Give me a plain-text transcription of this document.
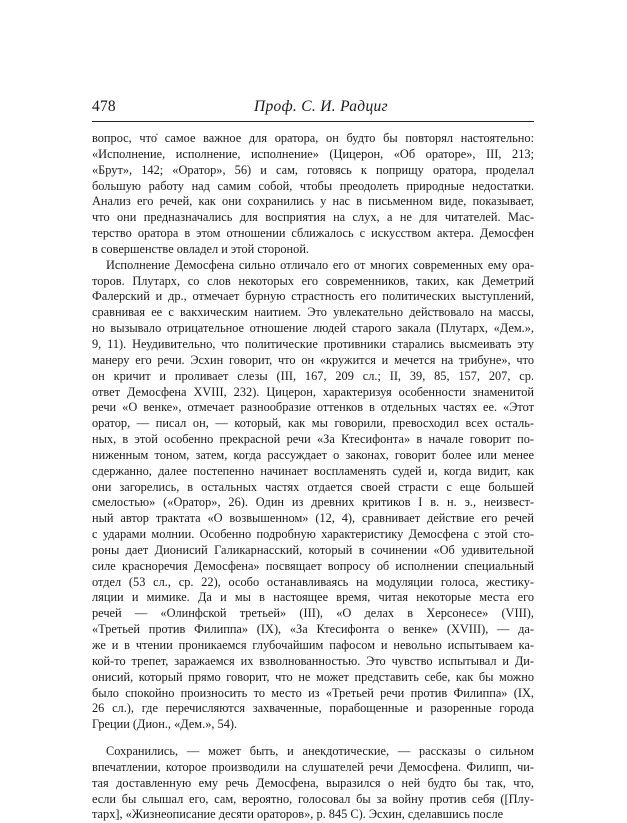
478	Проф. С. И. Радциг
вопрос, что̇ самое важное для оратора, он будто бы повторял настоятельно:
«Исполнение, исполнение, исполнение» (Цицерон, «Об ораторе», III, 213;
«Брут», 142; «Оратор», 56) и сам, готовясь к поприщу оратора, проделал
большую работу над самим собой, чтобы преодолеть природные недостатки.
Анализ его речей, как они сохранились у нас в письменном виде, показывает,
что они предназначались для восприятия на слух, а не для читателей. Мас-
терство оратора в этом отношении сближалось с искусством актера. Демосфен
в совершенстве овладел и этой стороной.
Исполнение Демосфена сильно отличало его от многих современных ему ора-
торов. Плутарх, со слов некоторых его современников, таких, как Деметрий
Фалерский и др., отмечает бурную страстность его политических выступлений,
сравнивая ее с вакхическим наитием. Это увлекательно действовало на массы,
но вызывало отрицательное отношение людей старого закала (Плутарх, «Дем.»,
9, 11). Неудивительно, что политические противники старались высмеивать эту
манеру его речи. Эсхин говорит, что он «кружится и мечется на трибуне», что
он кричит и проливает слезы (III, 167, 209 сл.; II, 39, 85, 157, 207, ср.
ответ Демосфена XVIII, 232). Цицерон, характеризуя особенности знаменитой
речи «О венке», отмечает разнообразие оттенков в отдельных частях ее. «Этот
оратор, — писал он, — который, как мы говорили, превосходил всех осталь-
ных, в этой особенно прекрасной речи «За Ктесифонта» в начале говорит по-
ниженным тоном, затем, когда рассуждает о законах, говорит более или менее
сдержанно, далее постепенно начинает воспламенять судей и, когда видит, как
они загорелись, в остальных частях отдается своей страсти с еще большей
смелостью» («Оратор», 26). Один из древних критиков I в. н. э., неизвест-
ный автор трактата «О возвышенном» (12, 4), сравнивает действие его речей
с ударами молнии. Особенно подробную характеристику Демосфена с этой сто-
роны дает Дионисий Галикарнасский, который в сочинении «Об удивительной
силе красноречия Демосфена» посвящает вопросу об исполнении специальный
отдел (53 сл., ср. 22), особо останавливаясь на модуляции голоса, жестику-
ляции и мимике. Да и мы в настоящее время, читая некоторые места его
речей — «Олинфской третьей» (III), «О делах в Херсонесе» (VIII),
«Третьей против Филиппа» (IX), «За Ктесифонта о венке» (XVIII), — да-
же и в чтении проникаемся глубочайшим пафосом и невольно испытываем ка-
кой-то трепет, заражаемся их взволнованностью. Это чувство испытывал и Ди-
онисий, который прямо говорит, что не может представить себе, как бы можно
было спокойно произносить то место из «Третьей речи против Филиппа» (IX,
26 сл.), где перечисляются захваченные, порабощенные и разоренные города
Греции (Дион., «Дем.», 54).
Сохранились, — может быть, и анекдотические, — рассказы о сильном
впечатлении, которое производили на слушателей речи Демосфена. Филипп, чи-
тая доставленную ему речь Демосфена, выразился о ней будто бы так, что,
если бы слышал его, сам, вероятно, голосовал бы за войну против себя ([Плу-
тарх], «Жизнеописание десяти ораторов», р. 845 С). Эсхин, сделавшись после
